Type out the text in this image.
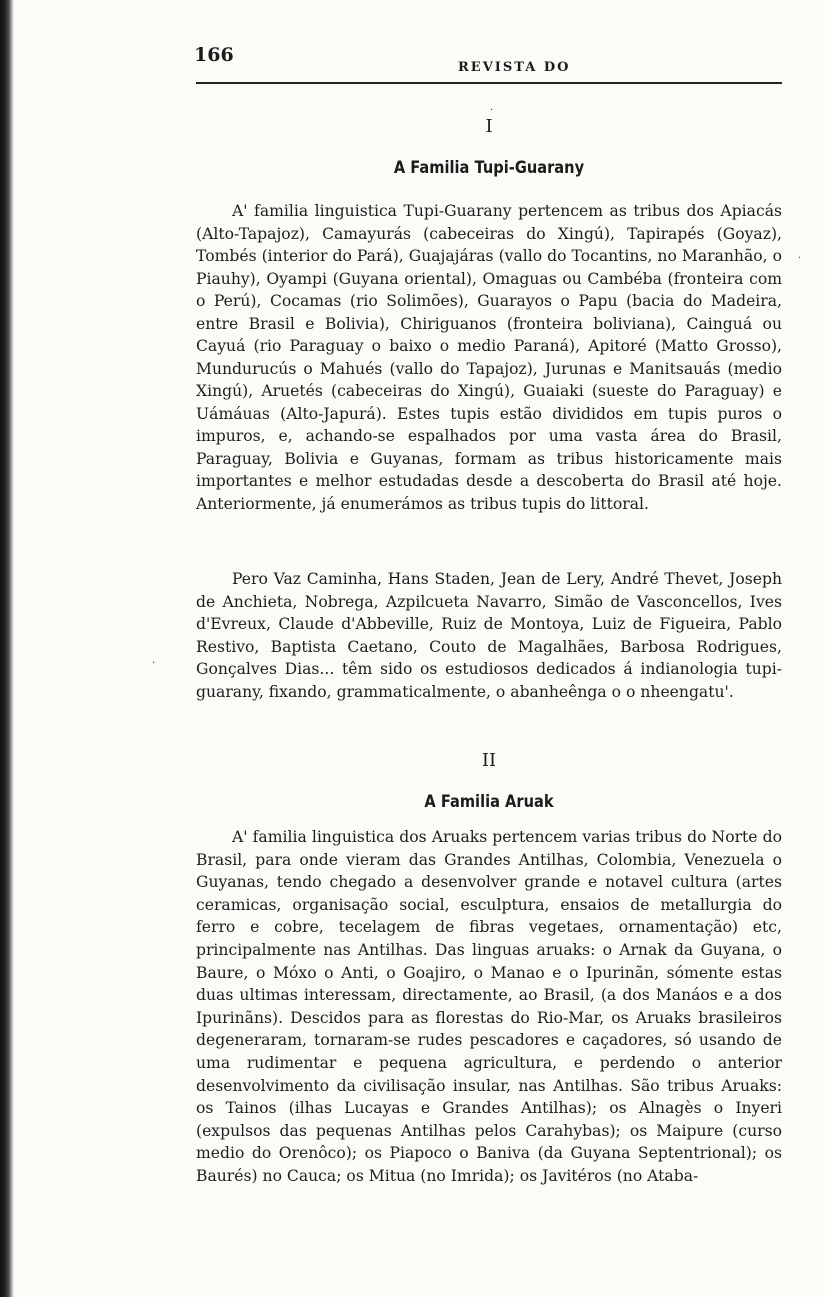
166
REVISTA DO
I
A Familia Tupi-Guarany

A' familia linguistica Tupi-Guarany pertencem as tribus dos Apiacás (Alto-Tapajoz), Camayurás (cabeceiras do Xingú), Tapirapés (Goyaz), Tombés (interior do Pará), Guajajáras (vallo do Tocantins, no Maranhão, o Piauhy), Oyampi (Guyana oriental), Omaguas ou Cambéba (fronteira com o Perú), Cocamas (rio Solimões), Guarayos o Papu (bacia do Madeira, entre Brasil e Bolivia), Chiriguanos (fronteira boliviana), Cainguá ou Cayuá (rio Paraguay o baixo o medio Paraná), Apitoré (Matto Grosso), Mundurucús o Mahués (vallo do Tapajoz), Jurunas e Manitsauás (medio Xingú), Aruetés (cabeceiras do Xingú), Guaiaki (sueste do Paraguay) e Uámáuas (Alto-Japurá). Estes tupis estão divididos em tupis puros o impuros, e, achando-se espalhados por uma vasta área do Brasil, Paraguay, Bolivia e Guyanas, formam as tribus historicamente mais importantes e melhor estudadas desde a descoberta do Brasil até hoje. Anteriormente, já enumerámos as tribus tupis do littoral.

Pero Vaz Caminha, Hans Staden, Jean de Lery, André Thevet, Joseph de Anchieta, Nobrega, Azpilcueta Navarro, Simão de Vasconcellos, Ives d'Evreux, Claude d'Abbeville, Ruiz de Montoya, Luiz de Figueira, Pablo Restivo, Baptista Caetano, Couto de Magalhães, Barbosa Rodrigues, Gonçalves Dias... têm sido os estudiosos dedicados á indianologia tupi-guarany, fixando, grammaticalmente, o abanheênga o o nheengatu'.

II
A Familia Aruak

A' familia linguistica dos Aruaks pertencem varias tribus do Norte do Brasil, para onde vieram das Grandes Antilhas, Colombia, Venezuela o Guyanas, tendo chegado a desenvolver grande e notavel cultura (artes ceramicas, organisação social, esculptura, ensaios de metallurgia do ferro e cobre, tecelagem de fibras vegetaes, ornamentação) etc, principalmente nas Antilhas. Das linguas aruaks: o Arnak da Guyana, o Baure, o Móxo o Anti, o Goajiro, o Manao e o Ipurinãn, sómente estas duas ultimas interessam, directamente, ao Brasil, (a dos Manáos e a dos Ipurinãns). Descidos para as florestas do Rio-Mar, os Aruaks brasileiros degeneraram, tornaram-se rudes pescadores e caçadores, só usando de uma rudimentar e pequena agricultura, e perdendo o anterior desenvolvimento da civilisação insular, nas Antilhas. São tribus Aruaks: os Tainos (ilhas Lucayas e Grandes Antilhas); os Alnagès o Inyeri (expulsos das pequenas Antilhas pelos Carahybas); os Maipure (curso medio do Orenôco); os Piapoco o Baniva (da Guyana Septentrional); os Baurés) no Cauca; os Mitua (no Imrida); os Javitéros (no Ataba-

.
.
.
